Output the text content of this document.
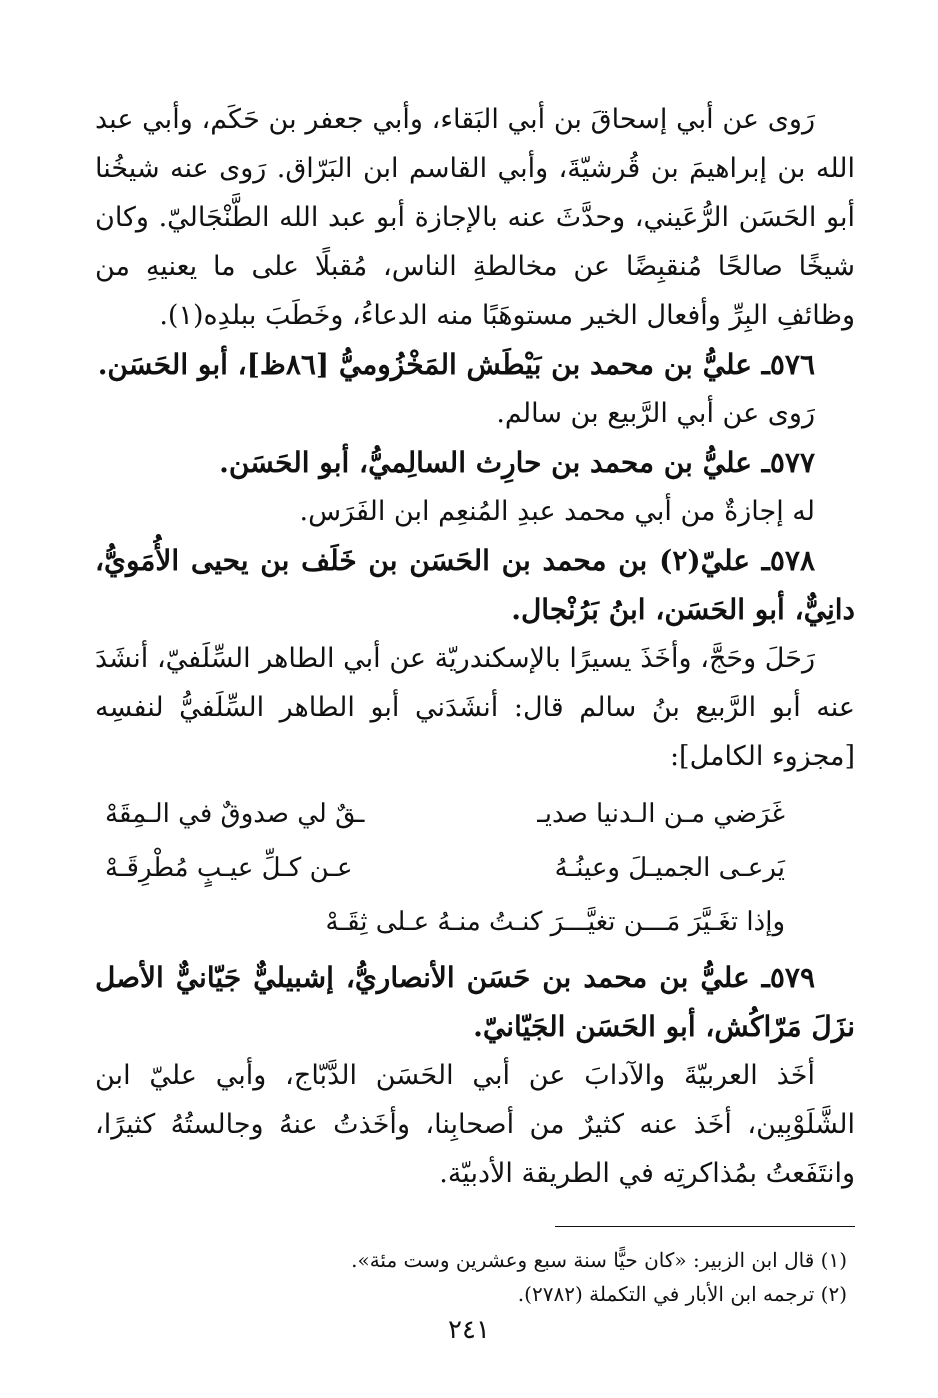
رَوى عن أبي إسحاقَ بن أبي البَقاء، وأبي جعفر بن حَكَم، وأبي عبد الله بن إبراهيمَ بن قُرشيّةَ، وأبي القاسم ابن البَرّاق. رَوى عنه شيخُنا أبو الحَسَن الرُّعَيني، وحدَّثَ عنه بالإجازة أبو عبد الله الطَّنْجَاليّ. وكان شيخًا صالحًا مُنقبِضًا عن مخالطةِ الناس، مُقبلًا على ما يعنيهِ من وظائفِ البِرِّ وأفعال الخير مستوهَبًا منه الدعاءُ، وخَطَبَ ببلدِه(١).

٥٧٦ـ عليُّ بن محمد بن بَيْطَش المَخْزُوميُّ [٨٦ظ]، أبو الحَسَن.

رَوى عن أبي الرَّبيع بن سالم.

٥٧٧ـ عليُّ بن محمد بن حارِث السالِميُّ، أبو الحَسَن.

له إجازةٌ من أبي محمد عبدِ المُنعِم ابن الفَرَس.

٥٧٨ـ عليّ(٢) بن محمد بن الحَسَن بن خَلَف بن يحيى الأُمَويُّ، دانِيٌّ، أبو الحَسَن، ابنُ بَرُنْجال.

رَحَلَ وحَجَّ، وأخَذَ يسيرًا بالإسكندريّة عن أبي الطاهر السِّلَفيّ، أنشَدَ عنه أبو الرَّبيع بنُ سالم قال: أنشَدَني أبو الطاهر السِّلَفيُّ لنفسِه [مجزوء الكامل]:

غَرَضي مـن الـدنيا صديـ
ـقٌ لي صدوقٌ في الـمِقَهْ
يَرعـى الجميـلَ وعينُـهُ
عـن كـلِّ عيـبٍ مُطْرِقَـهْ
وإذا تغَـيَّرَ مَـــن تغيَّـــرَ كنـتُ منـهُ عـلى ثِقَـهْ

٥٧٩ـ عليُّ بن محمد بن حَسَن الأنصاريُّ، إشبيليٌّ جَيّانيٌّ الأصل نزَلَ مَرّاكُش، أبو الحَسَن الجَيّانيّ.

أخَذ العربيّةَ والآدابَ عن أبي الحَسَن الدَّبّاج، وأبي عليّ ابن الشَّلَوْبِين، أخَذ عنه كثيرٌ من أصحابِنا، وأخَذتُ عنهُ وجالستُهُ كثيرًا، وانتَفَعتُ بمُذاكرتِه في الطريقة الأدبيّة.

(١) قال ابن الزبير: «كان حيًّا سنة سبع وعشرين وست مئة».

(٢) ترجمه ابن الأبار في التكملة (٢٧٨٢).

٢٤١
